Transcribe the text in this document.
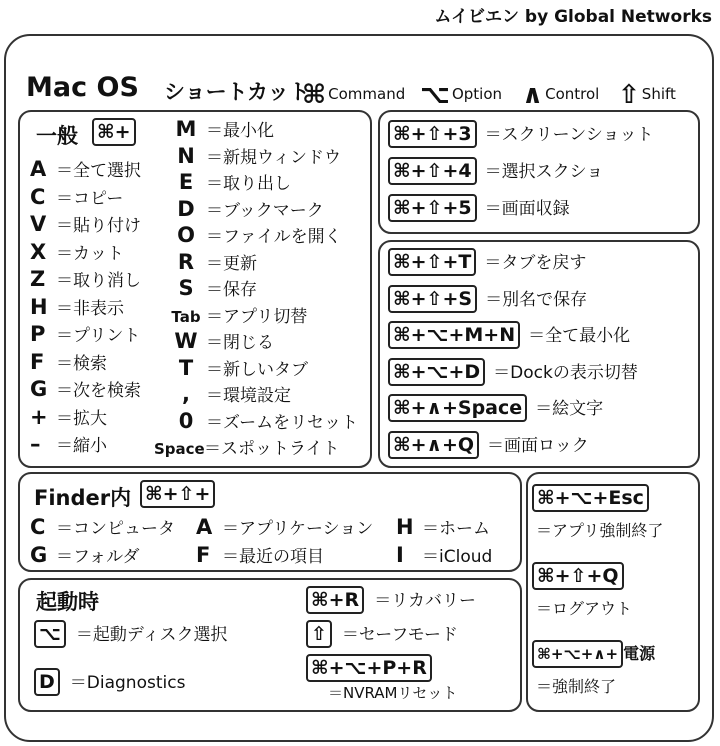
ムイビエン by Global Networks
Mac OS ショートカット
⌘ Command ⌥ Option ∧ Control ⇧ Shift
一般 ⌘+
A ＝全て選択
C ＝コピー
V ＝貼り付け
X ＝カット
Z ＝取り消し
H ＝非表示
P ＝プリント
F ＝検索
G ＝次を検索
+ ＝拡大
– ＝縮小
M ＝最小化
N ＝新規ウィンドウ
E ＝取り出し
D ＝ブックマーク
O ＝ファイルを開く
R ＝更新
S ＝保存
Tab ＝アプリ切替
W ＝閉じる
T ＝新しいタブ
, ＝環境設定
0 ＝ズームをリセット
Space＝スポットライト
⌘+⇧+3 ＝スクリーンショット
⌘+⇧+4 ＝選択スクショ
⌘+⇧+5 ＝画面収録
⌘+⇧+T ＝タブを戻す
⌘+⇧+S ＝別名で保存
⌘+⌥+M+N ＝全て最小化
⌘+⌥+D ＝Dockの表示切替
⌘+∧+Space ＝絵文字
⌘+∧+Q ＝画面ロック
Finder内 ⌘+⇧+
C ＝コンピュータ A ＝アプリケーション H ＝ホーム
G ＝フォルダ	F ＝最近の項目	I ＝iCloud
起動時
⌥ ＝起動ディスク選択
D ＝Diagnostics
⌘+R ＝リカバリー
⇧ ＝セーフモード
⌘+⌥+P+R
＝NVRAMリセット
⌘+⌥+Esc
＝アプリ強制終了
⌘+⇧+Q
＝ログアウト
⌘+⌥+∧+ 電源
＝強制終了
